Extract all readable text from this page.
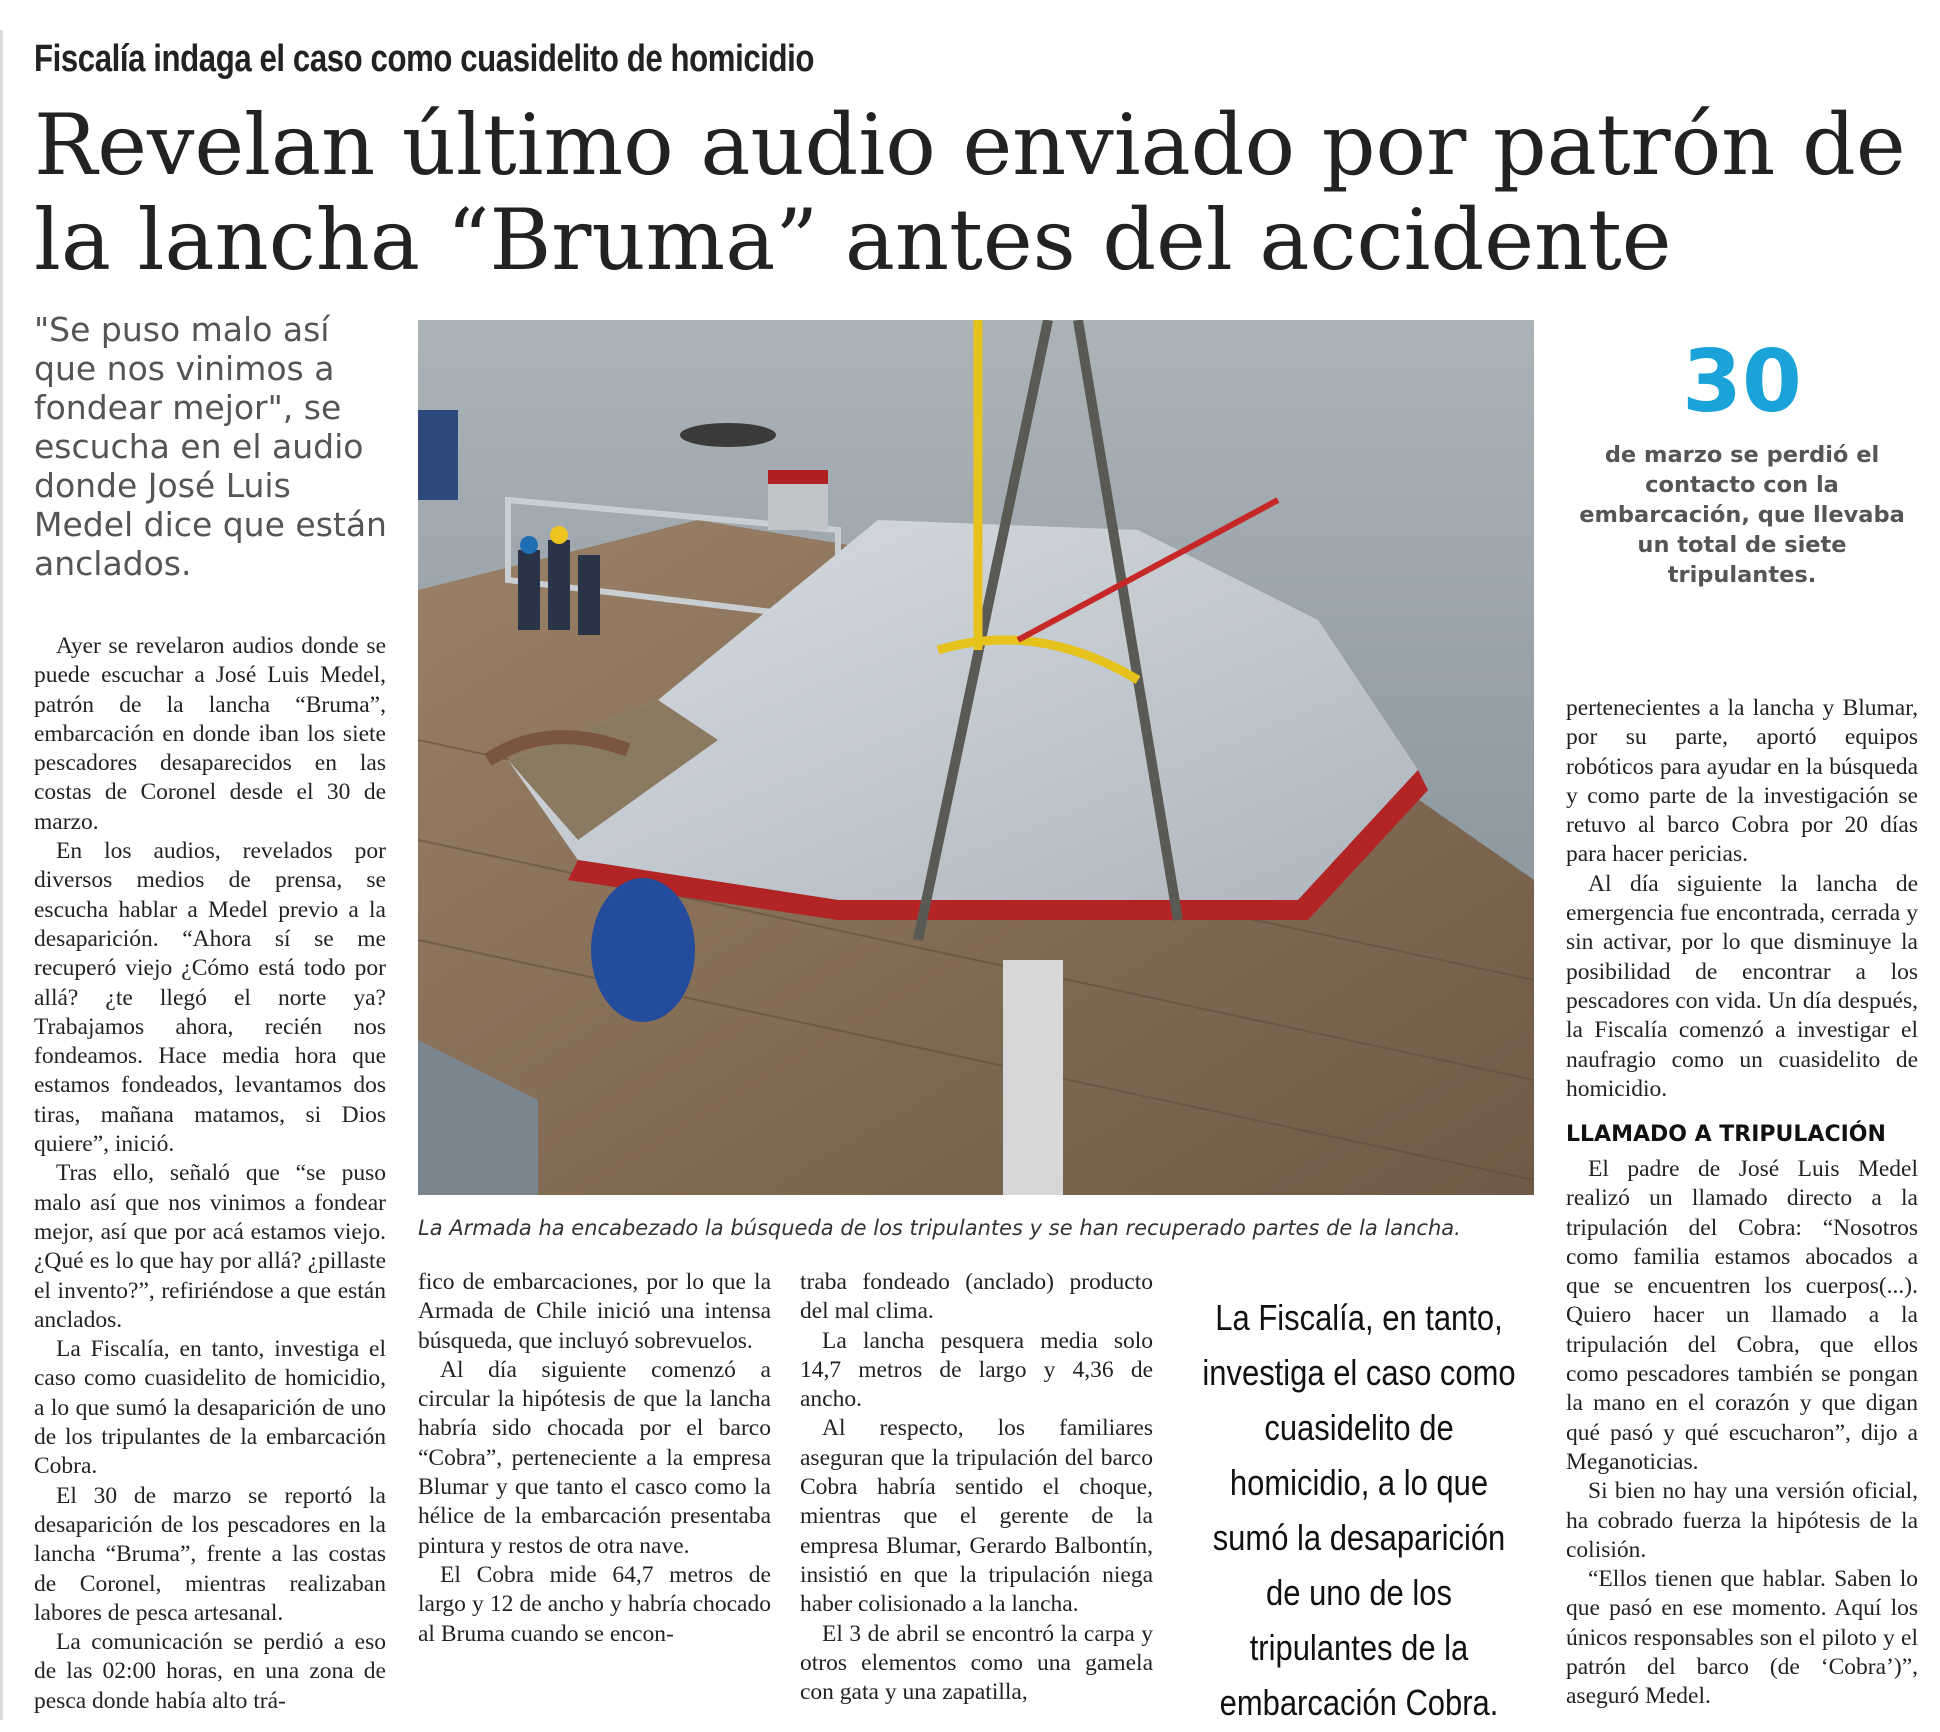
Fiscalía indaga el caso como cuasidelito de homicidio
Revelan último audio enviado por patrón de la lancha “Bruma” antes del accidente
"Se puso malo así que nos vinimos a fondear mejor", se escucha en el audio donde José Luis Medel dice que están anclados.

Ayer se revelaron audios donde se puede escuchar a José Luis Medel, patrón de la lancha “Bruma”, embarcación en donde iban los siete pescadores desaparecidos en las costas de Coronel desde el 30 de marzo.

En los audios, revelados por diversos medios de prensa, se escucha hablar a Medel previo a la desaparición. “Ahora sí se me recuperó viejo ¿Cómo está todo por allá? ¿te llegó el norte ya? Trabajamos ahora, recién nos fondeamos. Hace media hora que estamos fondeados, levantamos dos tiras, mañana matamos, si Dios quiere”, inició.

Tras ello, señaló que “se puso malo así que nos vinimos a fondear mejor, así que por acá estamos viejo. ¿Qué es lo que hay por allá? ¿pillaste el invento?”, refiriéndose a que están anclados.

La Fiscalía, en tanto, investiga el caso como cuasidelito de homicidio, a lo que sumó la desaparición de uno de los tripulantes de la embarcación Cobra.

El 30 de marzo se reportó la desaparición de los pescadores en la lancha “Bruma”, frente a las costas de Coronel, mientras realizaban labores de pesca artesanal.

La comunicación se perdió a eso de las 02:00 horas, en una zona de pesca donde había alto trá-

La Armada ha encabezado la búsqueda de los tripulantes y se han recuperado partes de la lancha.
30
de marzo se perdió el contacto con la embarcación, que llevaba un total de siete tripulantes.

fico de embarcaciones, por lo que la Armada de Chile inició una intensa búsqueda, que incluyó sobrevuelos.

Al día siguiente comenzó a circular la hipótesis de que la lancha habría sido chocada por el barco “Cobra”, perteneciente a la empresa Blumar y que tanto el casco como la hélice de la embarcación presentaba pintura y restos de otra nave.

El Cobra mide 64,7 metros de largo y 12 de ancho y habría chocado al Bruma cuando se encon-

traba fondeado (anclado) producto del mal clima.

La lancha pesquera media solo 14,7 metros de largo y 4,36 de ancho.

Al respecto, los familiares aseguran que la tripulación del barco Cobra habría sentido el choque, mientras que el gerente de la empresa Blumar, Gerardo Balbontín, insistió en que la tripulación niega haber colisionado a la lancha.

El 3 de abril se encontró la carpa y otros elementos como una gamela con gata y una zapatilla,

La Fiscalía, en tanto, investiga el caso como cuasidelito de homicidio, a lo que sumó la desaparición de uno de los tripulantes de la embarcación Cobra.

pertenecientes a la lancha y Blumar, por su parte, aportó equipos robóticos para ayudar en la búsqueda y como parte de la investigación se retuvo al barco Cobra por 20 días para hacer pericias.

Al día siguiente la lancha de emergencia fue encontrada, cerrada y sin activar, por lo que disminuye la posibilidad de encontrar a los pescadores con vida. Un día después, la Fiscalía comenzó a investigar el naufragio como un cuasidelito de homicidio.

LLAMADO A TRIPULACIÓN

El padre de José Luis Medel realizó un llamado directo a la tripulación del Cobra: “Nosotros como familia estamos abocados a que se encuentren los cuerpos(...). Quiero hacer un llamado a la tripulación del Cobra, que ellos como pescadores también se pongan la mano en el corazón y que digan qué pasó y qué escucharon”, dijo a Meganoticias.

Si bien no hay una versión oficial, ha cobrado fuerza la hipótesis de la colisión.

“Ellos tienen que hablar. Saben lo que pasó en ese momento. Aquí los únicos responsables son el piloto y el patrón del barco (de ‘Cobra’)”, aseguró Medel.
